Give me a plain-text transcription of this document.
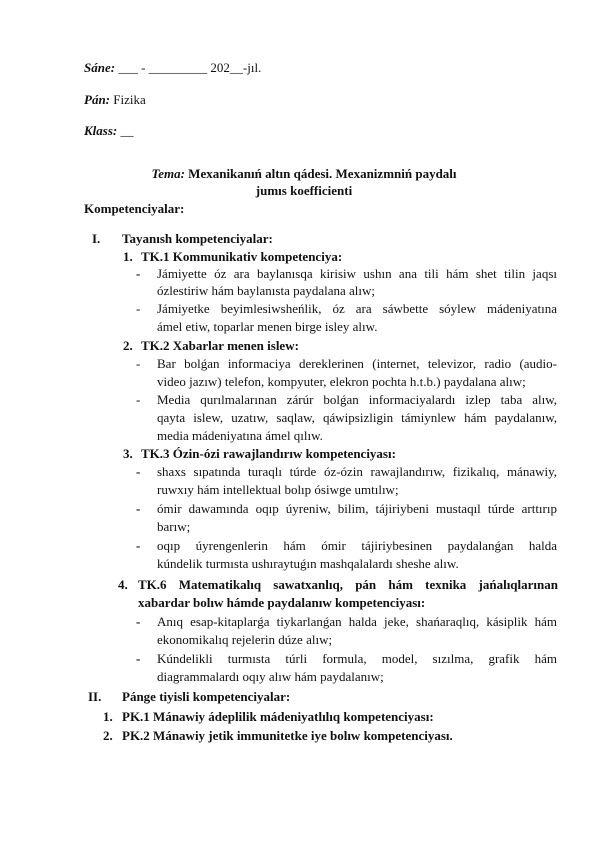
Sáne: ___ - _________ 202__-jıl.
Pán: Fizika
Klass: __
Tema: Mexanikanıń altın qádesi. Mexanizmniń paydalı
jumıs koefficienti
Kompetenciyalar:
I. Tayanısh kompetenciyalar:
1. TK.1 Kommunikativ kompetenciya:
- Jámiyette óz ara baylanısqa kirisiw ushın ana tili hám shet tilin jaqsı
ózlestiriw hám baylanısta paydalana alıw;
- Jámiyetke beyimlesiwsheńlik, óz ara sáwbette sóylew mádeniyatına
ámel etiw, toparlar menen birge isley alıw.
2. TK.2 Xabarlar menen islew:
- Bar bolǵan informaciya dereklerinen (internet, televizor, radio (audio-
video jazıw) telefon, kompyuter, elekron pochta h.t.b.) paydalana alıw;
- Media qurılmalarınan zárúr bolǵan informaciyalardı izlep taba alıw,
qayta islew, uzatıw, saqlaw, qáwipsizligin támiynlew hám paydalanıw,
media mádeniyatına ámel qılıw.
3. TK.3 Ózin-ózi rawajlandırıw kompetenciyası:
- shaxs sıpatında turaqlı túrde óz-ózin rawajlandırıw, fizikalıq, mánawiy,
ruwxıy hám intellektual bolıp ósiwge umtılıw;
- ómir dawamında oqıp úyreniw, bilim, tájiriybeni mustaqıl túrde arttırıp
barıw;
- oqıp úyrengenlerin hám ómir tájiriybesinen paydalanǵan halda
kúndelik turmısta ushıraytuǵın mashqalalardı sheshe alıw.
4. TK.6 Matematikalıq sawatxanlıq, pán hám texnika jańalıqlarınan
xabardar bolıw hámde paydalanıw kompetenciyası:
- Anıq esap-kitaplarǵa tiykarlanǵan halda jeke, shańaraqlıq, kásiplik hám
ekonomikalıq rejelerin dúze alıw;
- Kúndelikli turmısta túrli formula, model, sızılma, grafik hám
diagrammalardı oqıy alıw hám paydalanıw;
II. Pánge tiyisli kompetenciyalar:
1. PK.1 Mánawiy ádeplilik mádeniyatlılıq kompetenciyası:
2. PK.2 Mánawiy jetik immunitetke iye bolıw kompetenciyası.
